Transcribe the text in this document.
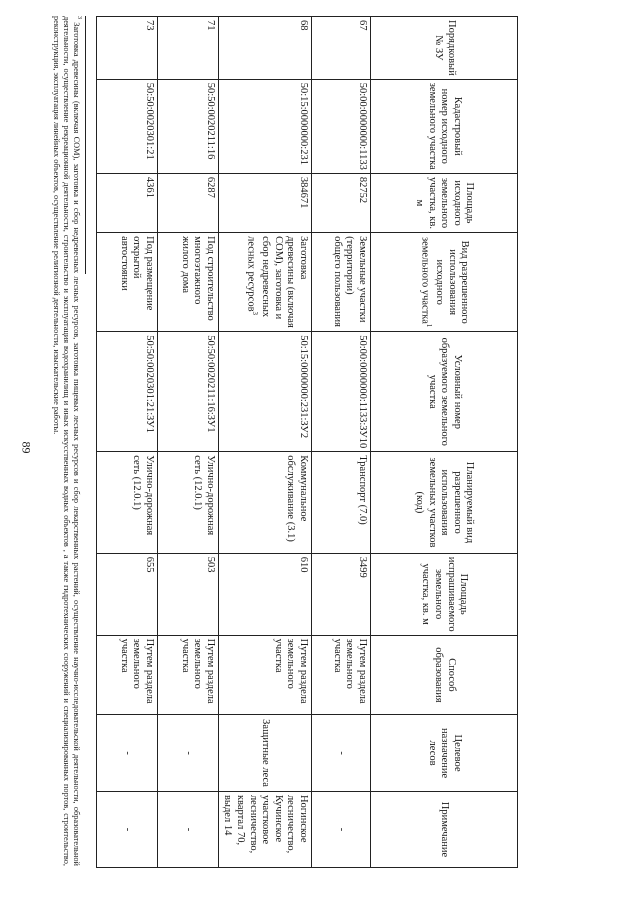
89
Порядковый № ЗУ	Кадастровый номер исходного земельного участка	Площадь исходного земельного участка, кв. м	Вид разрешенного использования исходного земельного участка$^1$	Условный номер образуемого земельного участка	Планируемый вид разрешенного использования земельных участков (код)	Площадь испрашиваемого земельного участка, кв. м	Способ образования	Целевое назначение лесов	Примечание
67	50:00:0000000:1133	82752	Земельные участки (территории) общего пользования	50:00:0000000:1133:ЗУ10	Транспорт (7.0)	3499	Путем раздела земельного участка	-	-
68	50:15:0000000:231	384671	Заготовка древесины (включая СОМ), заготовка и сбор недревесных лесных ресурсов$^3$	50:15:0000000:231:ЗУ2	Коммунальное обслуживание (3.1)	610	Путем раздела земельного участка	Защитные леса	Ногинское лесничество, Кучинское участковое лесничество, квартал 70, выдел 14
71	50:50:0020211:16	6287	Под строительство многоэтажного жилого дома	50:50:0020211:16:ЗУ1	Улично-дорожная сеть (12.0.1)	503	Путем раздела земельного участка	-	-
73	50:50:0020301:21	4361	Под размещение открытой автостоянки	50:50:0020301:21:ЗУ1	Улично-дорожная сеть (12.0.1)	655	Путем раздела земельного участка	-	-
$^3$ Заготовка древесины (включая СОМ), заготовка и сбор недревесных лесных ресурсов, заготовка пищевых лесных ресурсов и сбор лекарственных растений, осуществление научно-исследовательской деятельности, образовательной деятельности, осуществление рекреационной деятельности, строительство и эксплуатация водохранилищ и иных искусственных водных объектов , а также гидротехнических сооружений и специализированных портов, строительство, реконструкция, эксплуатация линейных объектов, осуществление религиозной деятельности, изыскательские работы.
